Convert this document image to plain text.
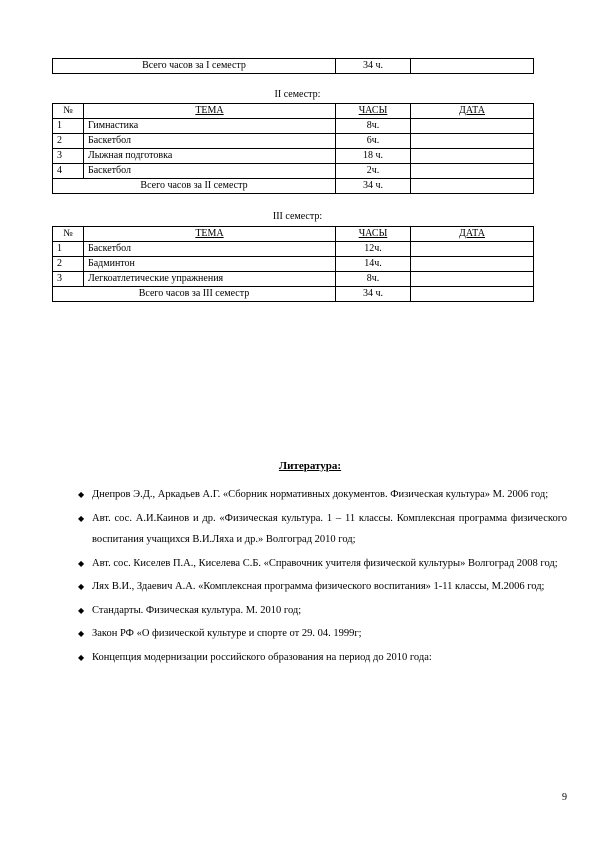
Всего часов за I семестр	34 ч.	
II семестр:
№	ТЕМА	ЧАСЫ	ДАТА
1	Гимнастика	8ч.	
2	Баскетбол	6ч.	
3	Лыжная подготовка	18 ч.	
4	Баскетбол	2ч.	
Всего часов за II семестр		34 ч.	
III семестр:
№	ТЕМА	ЧАСЫ	ДАТА
1	Баскетбол	12ч.	
2	Бадминтон	14ч.	
3	Легкоатлетические упражнения	8ч.	
Всего часов за III семестр		34 ч.	
Литература:
◆ Днепров Э.Д., Аркадьев А.Г. «Сборник нормативных документов. Физическая культура» М. 2006 год;
◆ Авт. сос. А.И.Каинов и др. «Физическая культура. 1 – 11 классы. Комплексная программа физического воспитания учащихся В.И.Ляха и др.» Волгоград 2010 год;
◆ Авт. сос. Киселев П.А., Киселева С.Б. «Справочник учителя физической культуры» Волгоград 2008 год;
◆ Лях В.И., Здаевич А.А. «Комплексная программа физического воспитания» 1-11 классы, М.2006 год;
◆ Стандарты. Физическая культура. М. 2010 год;
◆ Закон РФ «О физической культуре и спорте от 29. 04. 1999г;
◆ Концепция модернизации российского образования на период до 2010 года:
9
